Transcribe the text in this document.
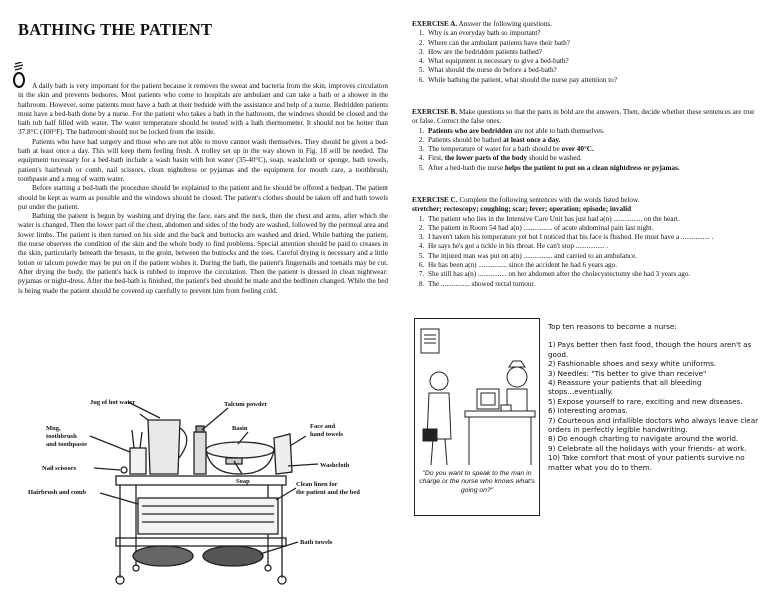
BATHING THE PATIENT

A daily bath is very important for the patient because it removes the sweat and bacteria from the skin, improves circulation in the skin and prevents bedsores. Most patients who come to hospitals are ambulant and can take a bath or a shower in the bathroom. However, some patients must have a bath at their bedside with the assistance and help of a nurse. Bedridden patients must have a bed-bath done by a nurse. For the patient who takes a bath in the bathroom, the windows should be closed and the bath tub half filled with water. The water temperature should be tested with a bath thermometer. It should not be hotter than 37.8°C (100°F). The bathroom should not be locked from the inside.

Patients who have had surgery and those who are not able to move cannot wash themselves. They should be given a bed-bath at least once a day. This will keep them feeling fresh. A trolley set up in the way shown in Fig. 18 will be needed. The equipment necessary for a bed-bath include a wash basin with hot water (35-40°C), soap, washcloth or sponge, bath towels, patient's hairbrush or comb, nail scissors, clean nightdress or pyjamas and the equipment for mouth care, a toothbrush, toothpaste and a mug of warm water.

Before starting a bed-bath the procedure should be explained to the patient and he should be offered a bedpan. The patient should be kept as warm as possible and the windows should be closed. The patient's clothes should be taken off and bath towels put under the patient.

Bathing the patient is begun by washing and drying the face, ears and the neck, then the chest and arms, after which the water is changed. Then the lower part of the chest, abdomen and sides of the body are washed, followed by the perineal area and lower limbs. The patient is then turned on his side and the back and buttocks are washed and dried. While bathing the patient, the nurse observes the condition of the skin and the whole body to find problems. Special attention should be paid to creases in the skin, particularly beneath the breasts, in the groin, between the buttocks and the toes. Careful drying is necessary and a little lotion or talcum powder may be put on if the patient wishes it. During the bath, the patient's fingernails and toenails may be cut. After drying the body, the patient's back is rubbed to improve the circulation. Then the patient is dressed in clean nightwear: pyjamas or night-dress. After the bed-bath is finished, the patient's bed should be made and the bedlinen changed. While the bed is being made the patient should be covered up carefully to prevent him from feeling cold.

Jug of hot water	Talcum powder
Mug,
toothbrush
and toothpaste
Basin	Face and
hand towels
Soap
Nail scissors	Washcloth
Hairbrush and comb
Clean linen for
the patient and the bed
Bath towels

EXERCISE A. Answer the following questions.

1. Why is an everyday bath so important?
2. Where can the ambulant patients have their bath?
3. How are the bedridden patients bathed?
4. What equipment is necessary to give a bed-bath?
5. What should the nurse do before a bed-bath?
6. While bathing the patient, what should the nurse pay attention to?

EXERCISE B. Make questions so that the parts in bold are the answers. Then, decide whether these sentences are true or false. Correct the false ones.

1. Patients who are bedridden are not able to bath themselves.
2. Patients should be bathed at least once a day.
3. The temperature of water for a bath should be over 40°C.
4. First, the lower parts of the body should be washed.
5. After a bed-bath the nurse helps the patient to put on a clean nightdress or pyjamas.

EXERCISE C. Complete the following sentences with the words listed below.

stretcher; rectoscopy; coughing; scar; fever; operation; episode; invalid

1. The patient who lies in the Intensive Care Unit has just had a(n) ................ on the heart.
2. The patient in Room 54 had a(n) ................ of acute abdominal pain last night.
3. I haven't taken his temperature yet but I noticed that his face is flushed. He must have a ................ .
4. He says he's got a tickle in his throat. He can't stop ................ .
5. The injured man was put on a(n) ................ and carried to an ambulance.
6. He has been a(n) ................ since the accident he had 6 years ago.
7. She still has a(n) ................ on her abdomen after the cholecystectomy she had 3 years ago.
8. The ................ showed rectal tumour.
"Do you want to speak to the man in charge or the nurse who knows what's going on?"
Top ten reasons to become a nurse:
1) Pays better then fast food, though the hours aren't as good.
2) Fashionable shoes and sexy white uniforms.
3) Needles: "Tis better to give than receive"
4) Reassure your patients that all bleeding stops...eventually.
5) Expose yourself to rare, exciting and new diseases.
6) Interesting aromas.
7) Courteous and infallible doctors who always leave clear orders in perfectly legible handwriting.
8) Do enough charting to navigate around the world.
9) Celebrate all the holidays with your friends- at work.
10) Take comfort that most of your patients survive no matter what you do to them.
